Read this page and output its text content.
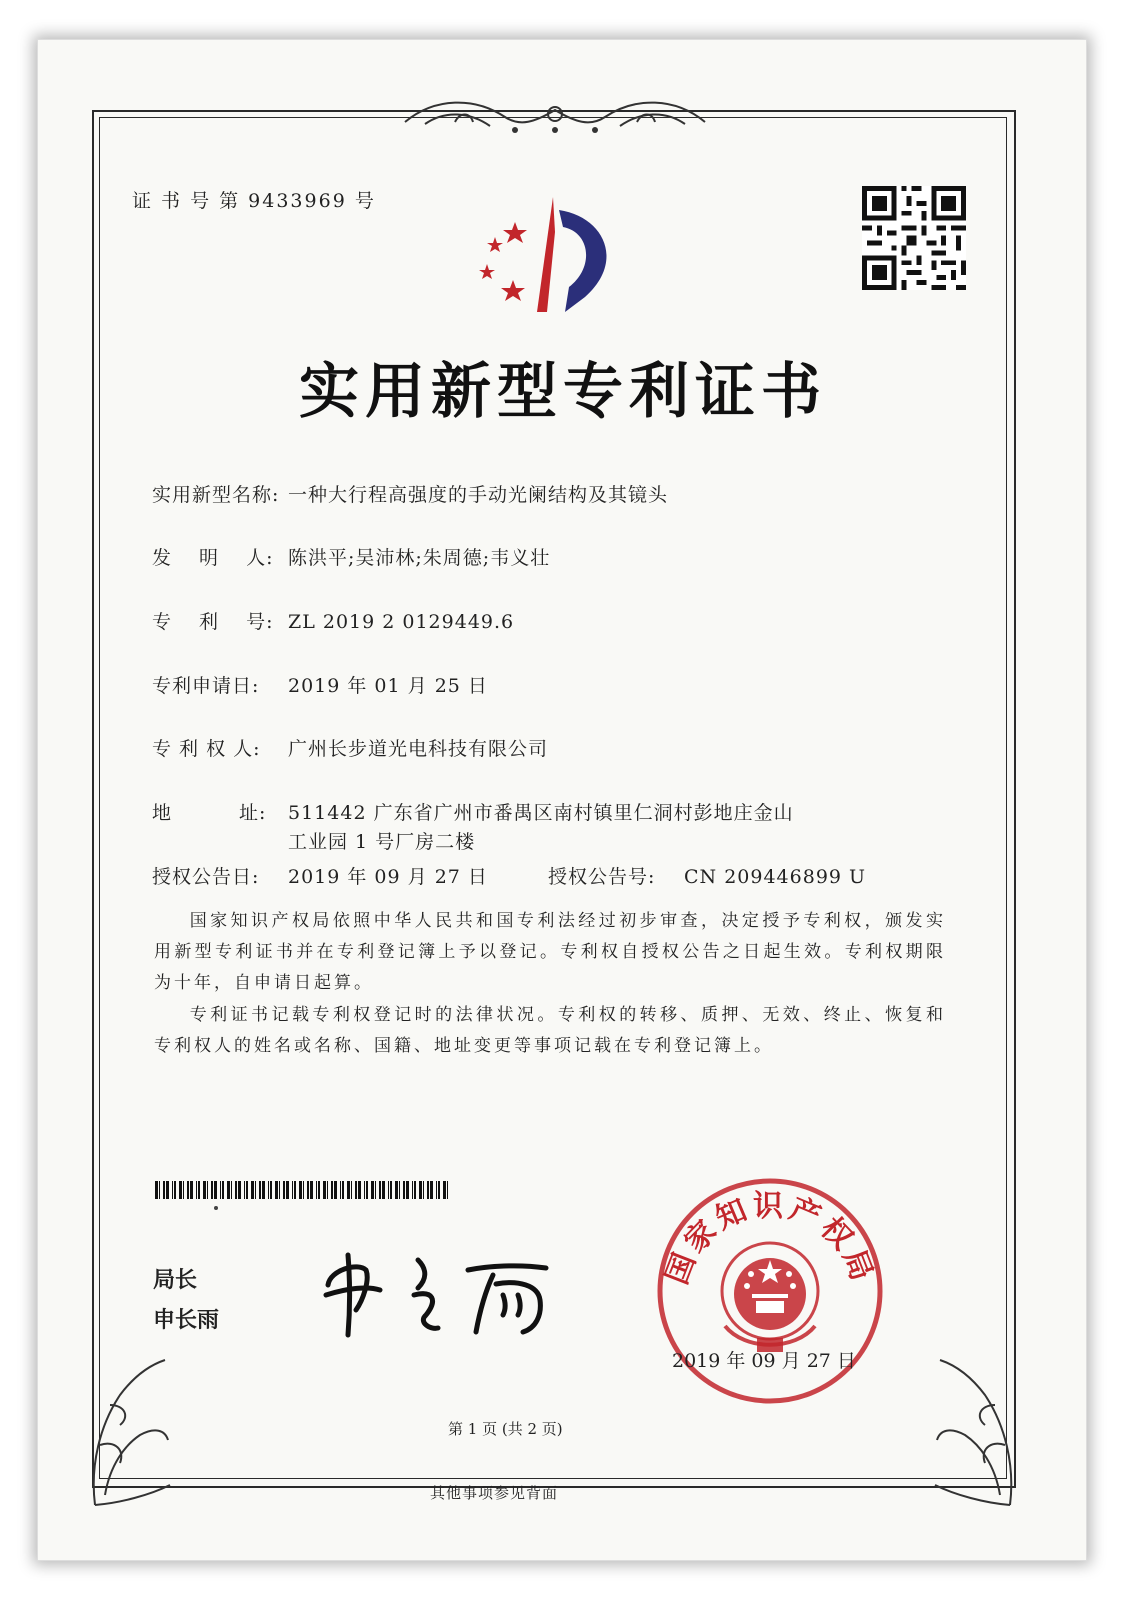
证 书 号 第 9433969 号
实用新型专利证书
实用新型名称: 一种大行程高强度的手动光阑结构及其镜头
发　 明　 人: 陈洪平;吴沛林;朱周德;韦义壮
专　 利　 号: ZL 2019 2 0129449.6
专利申请日: 2019 年 01 月 25 日
专 利 权 人: 广州长步道光电科技有限公司
地　　　 址: 511442 广东省广州市番禺区南村镇里仁洞村彭地庄金山
工业园 1 号厂房二楼
授权公告日: 2019 年 09 月 27 日	授权公告号: CN 209446899 U
国家知识产权局依照中华人民共和国专利法经过初步审查，决定授予专利权，颁发实用新型专利证书并在专利登记簿上予以登记。专利权自授权公告之日起生效。专利权期限为十年，自申请日起算。
专利证书记载专利权登记时的法律状况。专利权的转移、质押、无效、终止、恢复和专利权人的姓名或名称、国籍、地址变更等事项记载在专利登记簿上。
局长
申长雨
国家知识产权局
2019 年 09 月 27 日
第 1 页 (共 2 页)
其他事项参见背面
